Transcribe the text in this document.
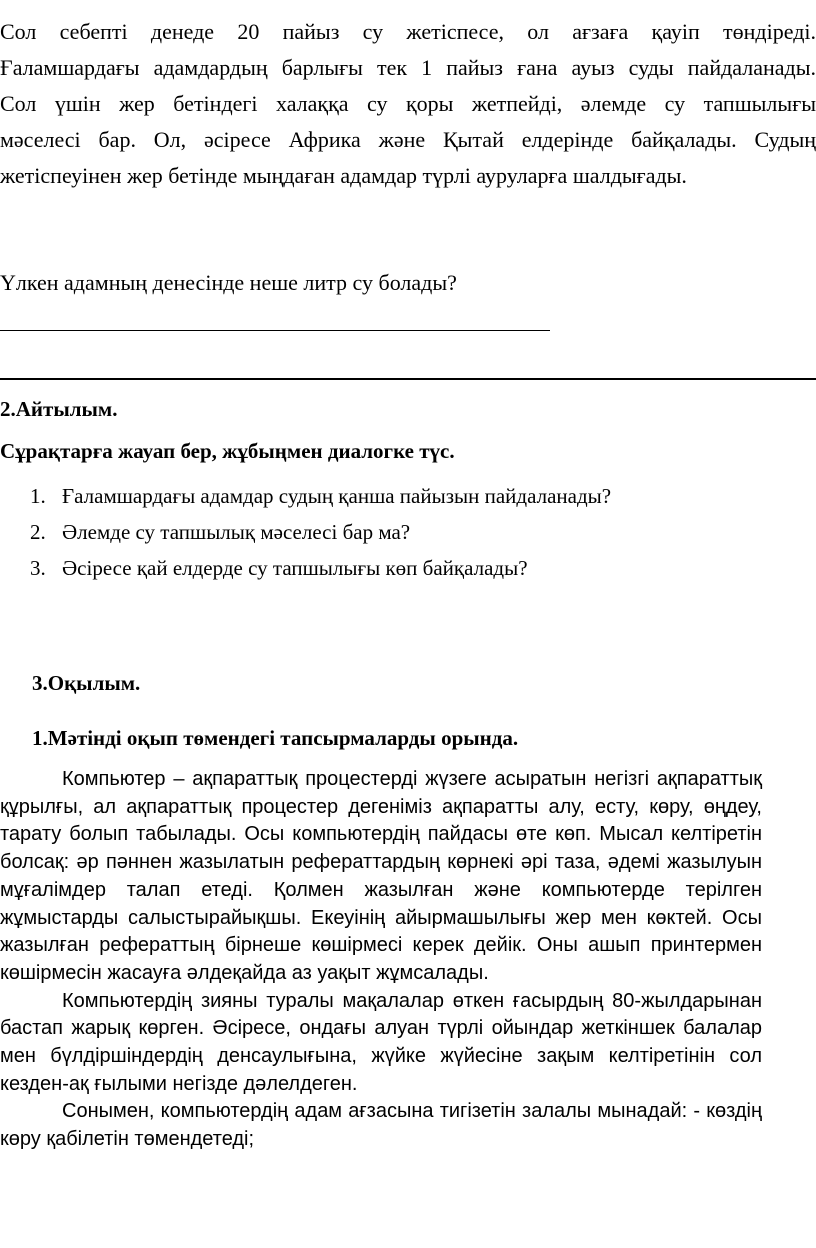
Сол себепті денеде 20 пайыз су жетіспесе, ол ағзаға қауіп төндіреді.

Ғаламшардағы адамдардың барлығы тек 1 пайыз ғана ауыз суды пайдаланады.

Сол үшін жер бетіндегі халаққа су қоры жетпейді, әлемде су тапшылығы

мәселесі бар. Ол, әсіресе Африка және Қытай елдерінде байқалады. Судың

жетіспеуінен жер бетінде мыңдаған адамдар түрлі ауруларға шалдығады.

Үлкен адамның денесінде неше литр су болады?
2.Айтылым.
Сұрақтарға жауап бер, жұбыңмен диалогке түс.
1. Ғаламшардағы адамдар судың қанша пайызын пайдаланады?
2. Әлемде су тапшылық мәселесі бар ма?
3. Әсіресе қай елдерде су тапшылығы көп байқалады?
3.Оқылым.
1.Мәтінді оқып төмендегі тапсырмаларды орында.

Компьютер – ақпараттық процестерді жүзеге асыратын негізгі ақпараттық құрылғы, ал ақпараттық процестер дегеніміз ақпаратты алу, есту, көру, өңдеу, тарату болып табылады. Осы компьютердің пайдасы өте көп. Мысал келтіретін болсақ: әр пәннен жазылатын рефераттардың көрнекі әрі таза, әдемі жазылуын мұғалімдер талап етеді. Қолмен жазылған және компьютерде терілген жұмыстарды салыстырайықшы. Екеуінің айырмашылығы жер мен көктей. Осы жазылған рефераттың бірнеше көшірмесі керек дейік. Оны ашып принтермен көшірмесін жасауға әлдеқайда аз уақыт жұмсалады.

Компьютердің зияны туралы мақалалар өткен ғасырдың 80-жылдарынан бастап жарық көрген. Әсіресе, ондағы алуан түрлі ойындар жеткіншек балалар мен бүлдіршіндердің денсаулығына, жүйке жүйесіне зақым келтіретінін сол кезден-ақ ғылыми негізде дәлелдеген.

Сонымен, компьютердің адам ағзасына тигізетін залалы мынадай: - көздің көру қабілетін төмендетеді;
